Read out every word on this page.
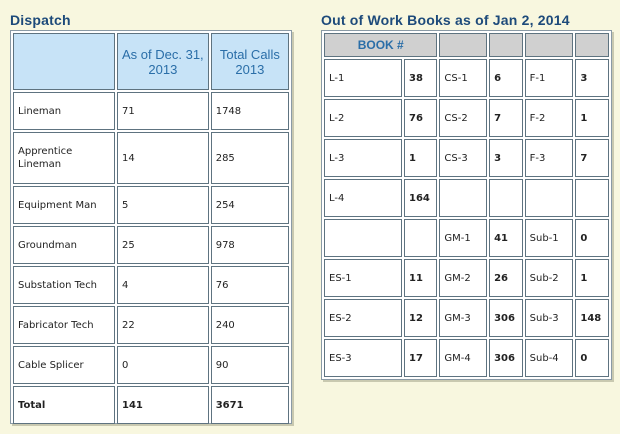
Dispatch	Out of Work Books as of Jan 2, 2014
	As of Dec. 31, 2013	Total Calls 2013
Lineman	71	1748
Apprentice Lineman	14	285
Equipment Man	5	254
Groundman	25	978
Substation Tech	4	76
Fabricator Tech	22	240
Cable Splicer	0	90
Total	141	3671
BOOK #					
L-1	38	CS-1	6	F-1	3
L-2	76	CS-2	7	F-2	1
L-3	1	CS-3	3	F-3	7
L-4	164				
		GM-1	41	Sub-1	0
ES-1	11	GM-2	26	Sub-2	1
ES-2	12	GM-3	306	Sub-3	148
ES-3	17	GM-4	306	Sub-4	0
